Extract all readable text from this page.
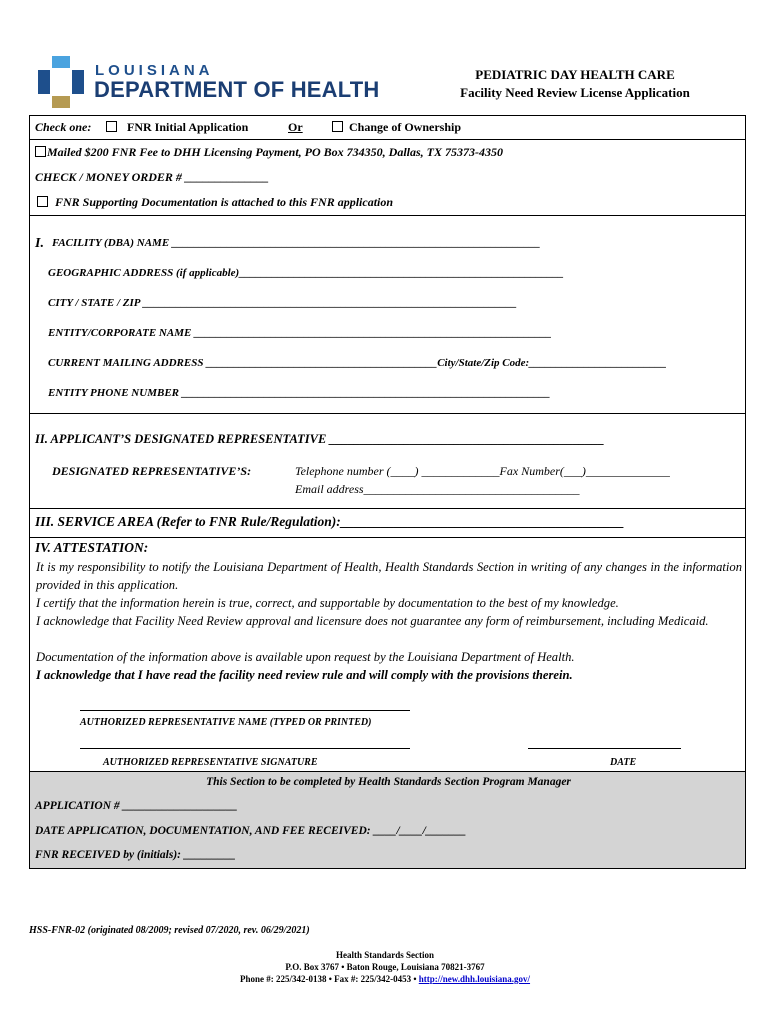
LOUISIANA
DEPARTMENT OF HEALTH
PEDIATRIC DAY HEALTH CARE
Facility Need Review License Application
Check one:	FNR Initial Application	Or	Change of Ownership
Mailed $200 FNR Fee to DHH Licensing Payment, PO Box 734350, Dallas, TX 75373-4350
CHECK / MONEY ORDER # ______________
FNR Supporting Documentation is attached to this FNR application
I. FACILITY (DBA) NAME ___________________________________________________________________
GEOGRAPHIC ADDRESS (if applicable)___________________________________________________________
CITY / STATE / ZIP ____________________________________________________________________
ENTITY/CORPORATE NAME _________________________________________________________________
CURRENT MAILING ADDRESS __________________________________________City/State/Zip Code:_________________________
ENTITY PHONE NUMBER ___________________________________________________________________
II. APPLICANT’S DESIGNATED REPRESENTATIVE ____________________________________________
DESIGNATED REPRESENTATIVE’S:	Telephone number (____) _____________Fax Number(___)______________
Email address____________________________________
III. SERVICE AREA (Refer to FNR Rule/Regulation):__________________________________________
IV. ATTESTATION:
It is my responsibility to notify the Louisiana Department of Health, Health Standards Section in writing of any changes in the information provided in this application.
I certify that the information herein is true, correct, and supportable by documentation to the best of my knowledge.
I acknowledge that Facility Need Review approval and licensure does not guarantee any form of reimbursement, including Medicaid.
Documentation of the information above is available upon request by the Louisiana Department of Health.
I acknowledge that I have read the facility need review rule and will comply with the provisions therein.
AUTHORIZED REPRESENTATIVE NAME (TYPED OR PRINTED)
AUTHORIZED REPRESENTATIVE SIGNATURE	DATE
This Section to be completed by Health Standards Section Program Manager
APPLICATION # ____________________
DATE APPLICATION, DOCUMENTATION, AND FEE RECEIVED: ____/____/_______
FNR RECEIVED by (initials): _________
HSS-FNR-02 (originated 08/2009; revised 07/2020, rev. 06/29/2021)
Health Standards Section
P.O. Box 3767 • Baton Rouge, Louisiana 70821-3767
Phone #: 225/342-0138 • Fax #: 225/342-0453 • http://new.dhh.louisiana.gov/
